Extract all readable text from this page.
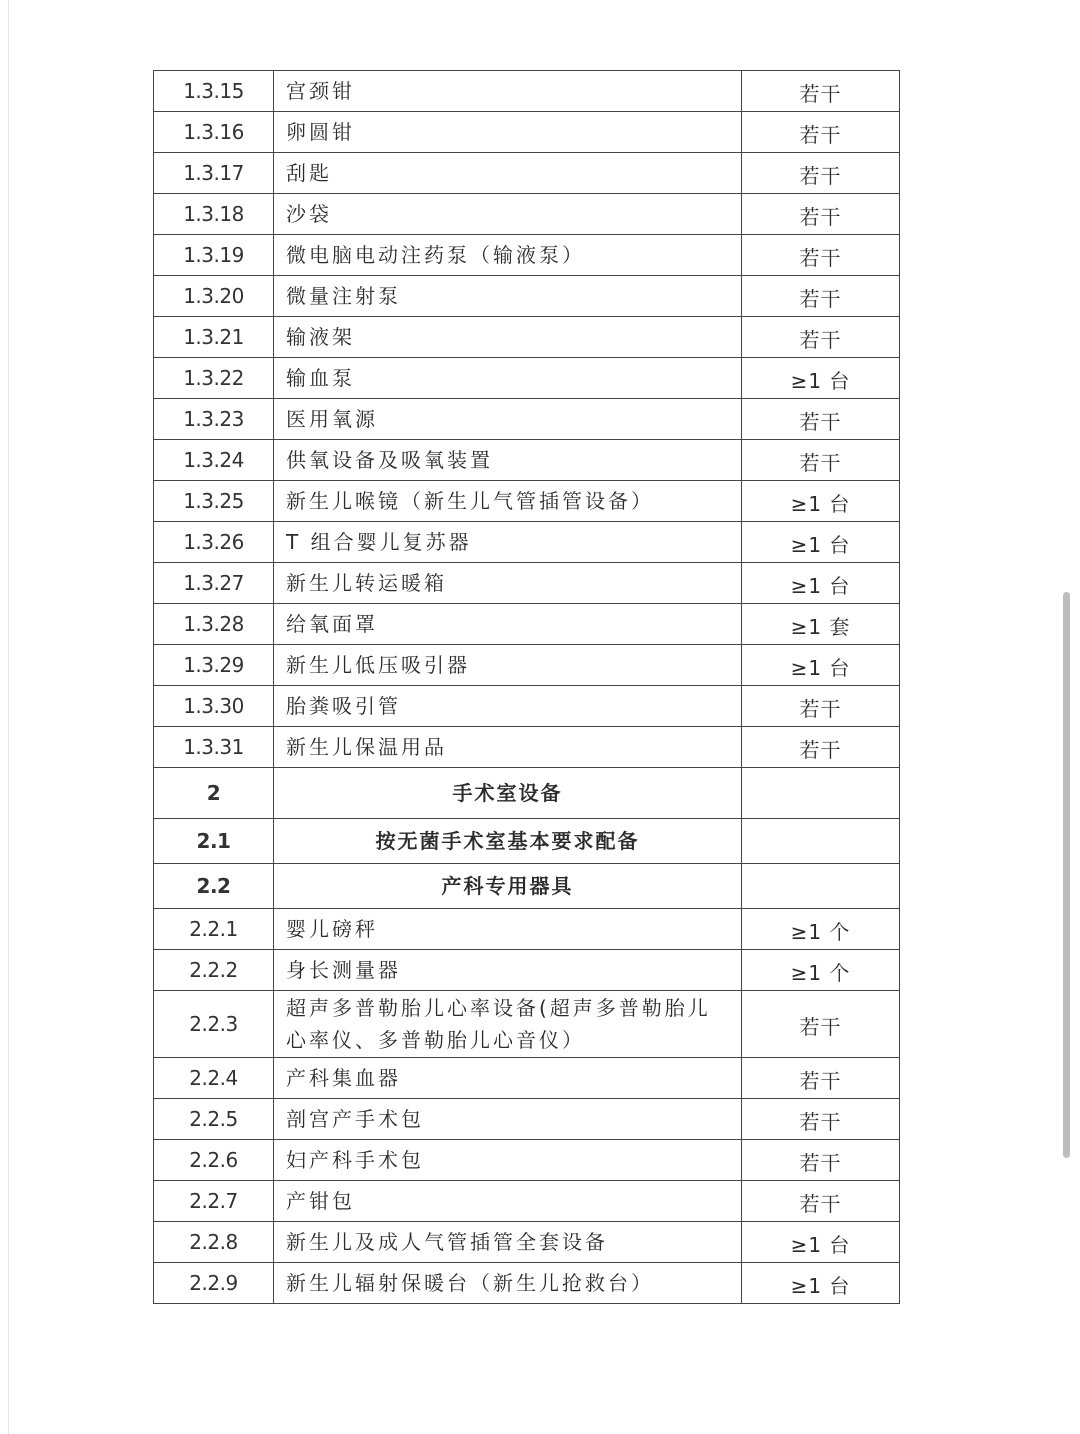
1.3.15	宫颈钳	若干
1.3.16	卵圆钳	若干
1.3.17	刮匙	若干
1.3.18	沙袋	若干
1.3.19	微电脑电动注药泵（输液泵）	若干
1.3.20	微量注射泵	若干
1.3.21	输液架	若干
1.3.22	输血泵	≥1 台
1.3.23	医用氧源	若干
1.3.24	供氧设备及吸氧装置	若干
1.3.25	新生儿喉镜（新生儿气管插管设备）	≥1 台
1.3.26	T 组合婴儿复苏器	≥1 台
1.3.27	新生儿转运暖箱	≥1 台
1.3.28	给氧面罩	≥1 套
1.3.29	新生儿低压吸引器	≥1 台
1.3.30	胎粪吸引管	若干
1.3.31	新生儿保温用品	若干
2	手术室设备	
2.1	按无菌手术室基本要求配备	
2.2	产科专用器具	
2.2.1	婴儿磅秤	≥1 个
2.2.2	身长测量器	≥1 个
2.2.3	超声多普勒胎儿心率设备(超声多普勒胎儿心率仪、多普勒胎儿心音仪）	若干
2.2.4	产科集血器	若干
2.2.5	剖宫产手术包	若干
2.2.6	妇产科手术包	若干
2.2.7	产钳包	若干
2.2.8	新生儿及成人气管插管全套设备	≥1 台
2.2.9	新生儿辐射保暖台（新生儿抢救台）	≥1 台
